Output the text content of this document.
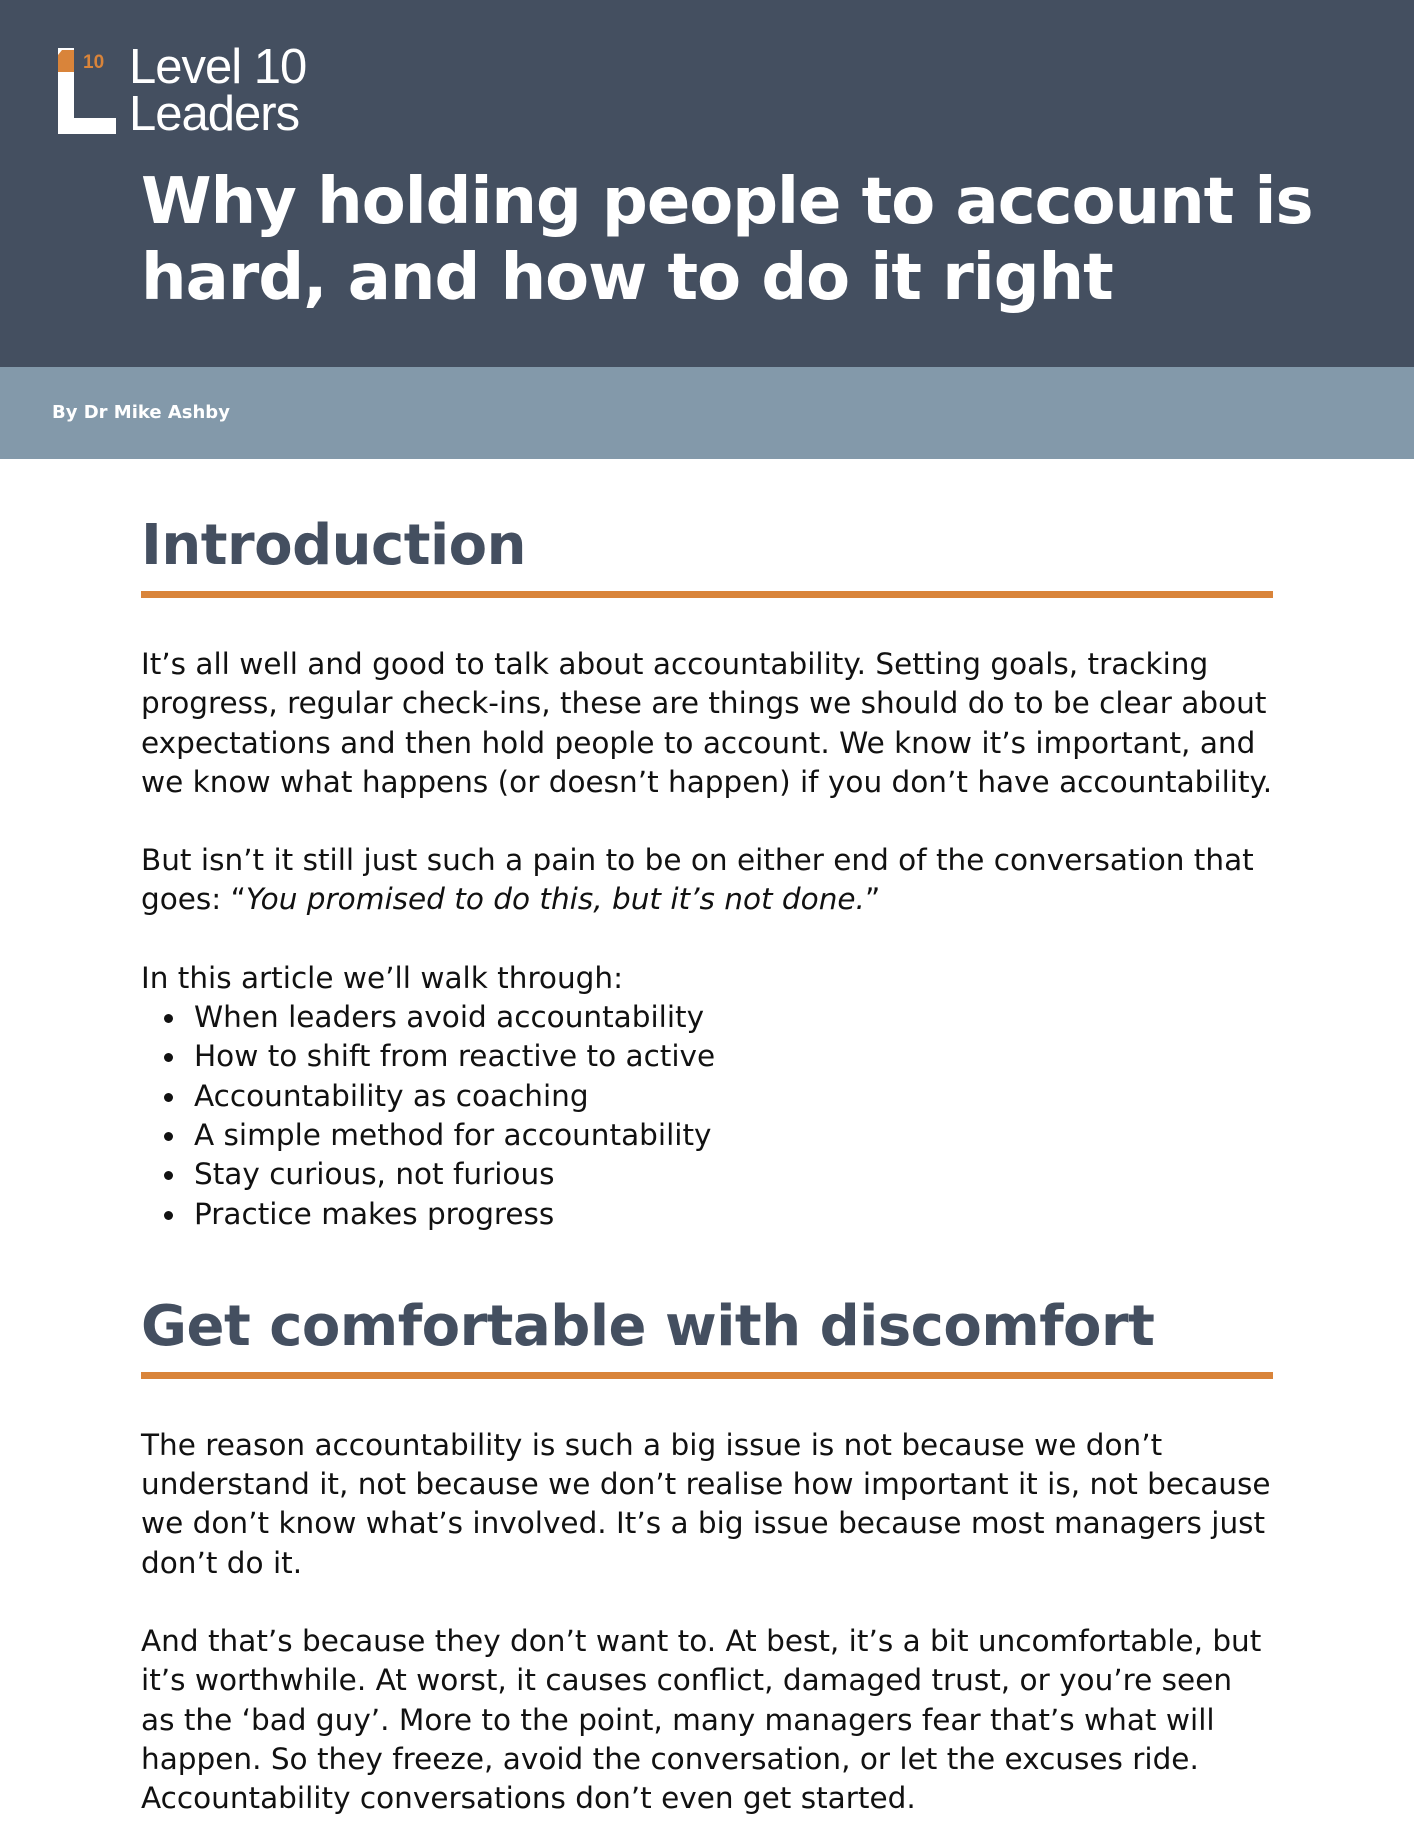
10 Level 10
Leaders
Why holding people to account is hard, and how to do it right
By Dr Mike Ashby
Introduction

It’s all well and good to talk about accountability. Setting goals, tracking progress, regular check-ins, these are things we should do to be clear about expectations and then hold people to account. We know it’s important, and we know what happens (or doesn’t happen) if you don’t have accountability.

But isn’t it still just such a pain to be on either end of the conversation that goes: “You promised to do this, but it’s not done.”

In this article we’ll walk through:

When leaders avoid accountability
How to shift from reactive to active
Accountability as coaching
A simple method for accountability
Stay curious, not furious
Practice makes progress
Get comfortable with discomfort

The reason accountability is such a big issue is not because we don’t understand it, not because we don’t realise how important it is, not because we don’t know what’s involved. It’s a big issue because most managers just don’t do it.

And that’s because they don’t want to. At best, it’s a bit uncomfortable, but it’s worthwhile. At worst, it causes conflict, damaged trust, or you’re seen as the ‘bad guy’. More to the point, many managers fear that’s what will happen. So they freeze, avoid the conversation, or let the excuses ride. Accountability conversations don’t even get started.
